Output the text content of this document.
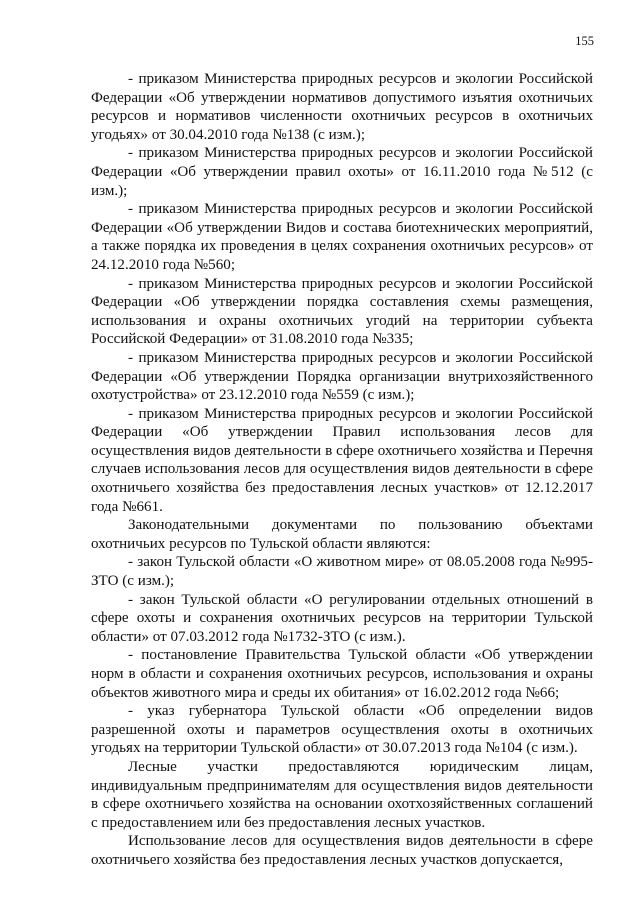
155

- приказом Министерства природных ресурсов и экологии Российской Федерации «Об утверждении нормативов допустимого изъятия охотничьих ресурсов и нормативов численности охотничьих ресурсов в охотничьих угодьях» от 30.04.2010 года №138 (с изм.);

- приказом Министерства природных ресурсов и экологии Российской Федерации «Об утверждении правил охоты» от 16.11.2010 года №512 (с изм.);

- приказом Министерства природных ресурсов и экологии Российской Федерации «Об утверждении Видов и состава биотехнических мероприятий, а также порядка их проведения в целях сохранения охотничьих ресурсов» от 24.12.2010 года №560;

- приказом Министерства природных ресурсов и экологии Российской Федерации «Об утверждении порядка составления схемы размещения, использования и охраны охотничьих угодий на территории субъекта Российской Федерации» от 31.08.2010 года №335;

- приказом Министерства природных ресурсов и экологии Российской Федерации «Об утверждении Порядка организации внутрихозяйственного охотустройства» от 23.12.2010 года №559 (с изм.);

- приказом Министерства природных ресурсов и экологии Российской Федерации «Об утверждении Правил использования лесов для осуществления видов деятельности в сфере охотничьего хозяйства и Перечня случаев использования лесов для осуществления видов деятельности в сфере охотничьего хозяйства без предоставления лесных участков» от 12.12.2017 года №661.

Законодательными документами по пользованию объектами охотничьих ресурсов по Тульской области являются:

- закон Тульской области «О животном мире» от 08.05.2008 года №995-ЗТО (с изм.);

- закон Тульской области «О регулировании отдельных отношений в сфере охоты и сохранения охотничьих ресурсов на территории Тульской области» от 07.03.2012 года №1732-ЗТО (с изм.).

- постановление Правительства Тульской области «Об утверждении норм в области и сохранения охотничьих ресурсов, использования и охраны объектов животного мира и среды их обитания» от 16.02.2012 года №66;

- указ губернатора Тульской области «Об определении видов разрешенной охоты и параметров осуществления охоты в охотничьих угодьях на территории Тульской области» от 30.07.2013 года №104 (с изм.).

Лесные участки предоставляются юридическим лицам, индивидуальным предпринимателям для осуществления видов деятельности в сфере охотничьего хозяйства на основании охотхозяйственных соглашений с предоставлением или без предоставления лесных участков.

Использование лесов для осуществления видов деятельности в сфере охотничьего хозяйства без предоставления лесных участков допускается,
